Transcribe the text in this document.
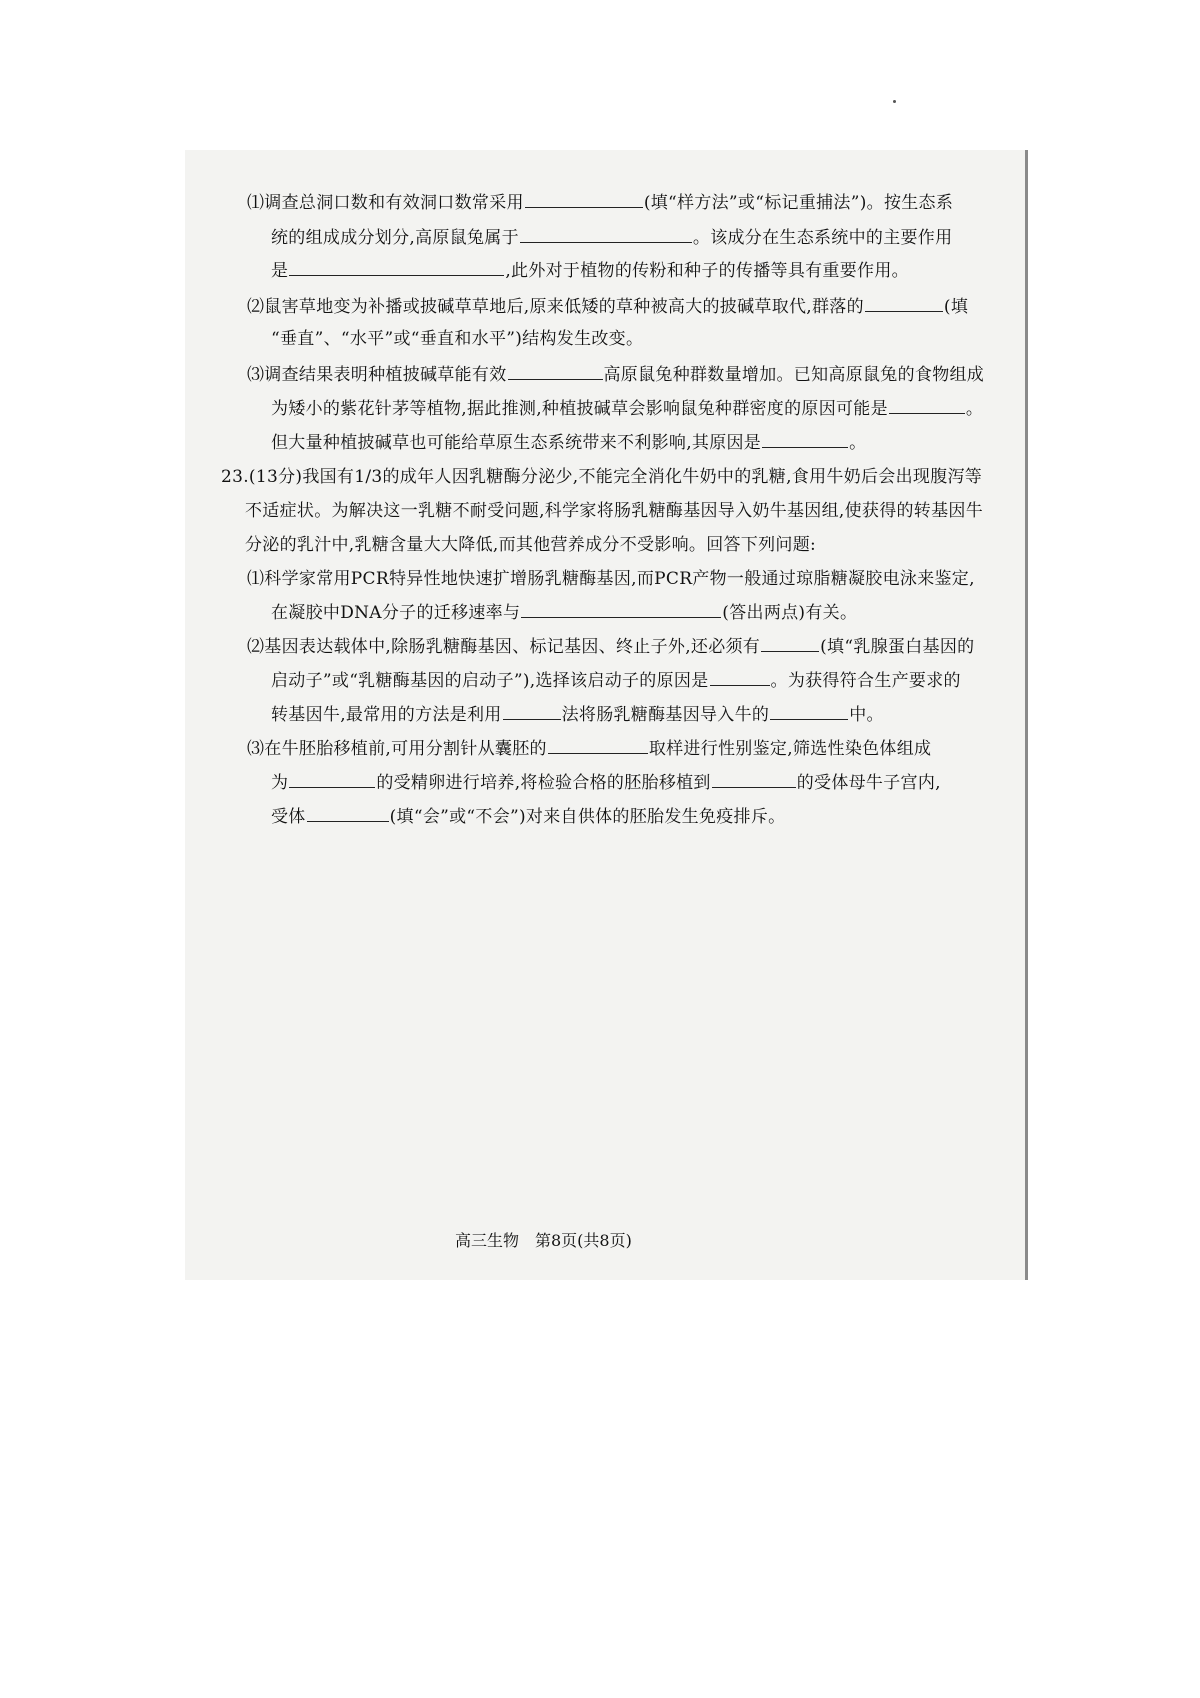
⑴调查总洞口数和有效洞口数常采用	(填“样方法”或“标记重捕法”)。按生态系
统的组成成分划分,高原鼠兔属于	。该成分在生态系统中的主要作用
是	,此外对于植物的传粉和种子的传播等具有重要作用。
⑵鼠害草地变为补播或披碱草草地后,原来低矮的草种被高大的披碱草取代,群落的	(填
“垂直”、“水平”或“垂直和水平”)结构发生改变。
⑶调查结果表明种植披碱草能有效	高原鼠兔种群数量增加。已知高原鼠兔的食物组成
为矮小的紫花针茅等植物,据此推测,种植披碱草会影响鼠兔种群密度的原因可能是	。
但大量种植披碱草也可能给草原生态系统带来不利影响,其原因是	。
23.(13分)我国有1/3的成年人因乳糖酶分泌少,不能完全消化牛奶中的乳糖,食用牛奶后会出现腹泻等
不适症状。为解决这一乳糖不耐受问题,科学家将肠乳糖酶基因导入奶牛基因组,使获得的转基因牛
分泌的乳汁中,乳糖含量大大降低,而其他营养成分不受影响。回答下列问题:
⑴科学家常用PCR特异性地快速扩增肠乳糖酶基因,而PCR产物一般通过琼脂糖凝胶电泳来鉴定,
在凝胶中DNA分子的迁移速率与	(答出两点)有关。
⑵基因表达载体中,除肠乳糖酶基因、标记基因、终止子外,还必须有	(填“乳腺蛋白基因的
启动子”或“乳糖酶基因的启动子”),选择该启动子的原因是	。为获得符合生产要求的
转基因牛,最常用的方法是利用	法将肠乳糖酶基因导入牛的	中。
⑶在牛胚胎移植前,可用分割针从囊胚的	取样进行性别鉴定,筛选性染色体组成
为	的受精卵进行培养,将检验合格的胚胎移植到	的受体母牛子宫内,
受体	(填“会”或“不会”)对来自供体的胚胎发生免疫排斥。
高三生物　第8页(共8页)
